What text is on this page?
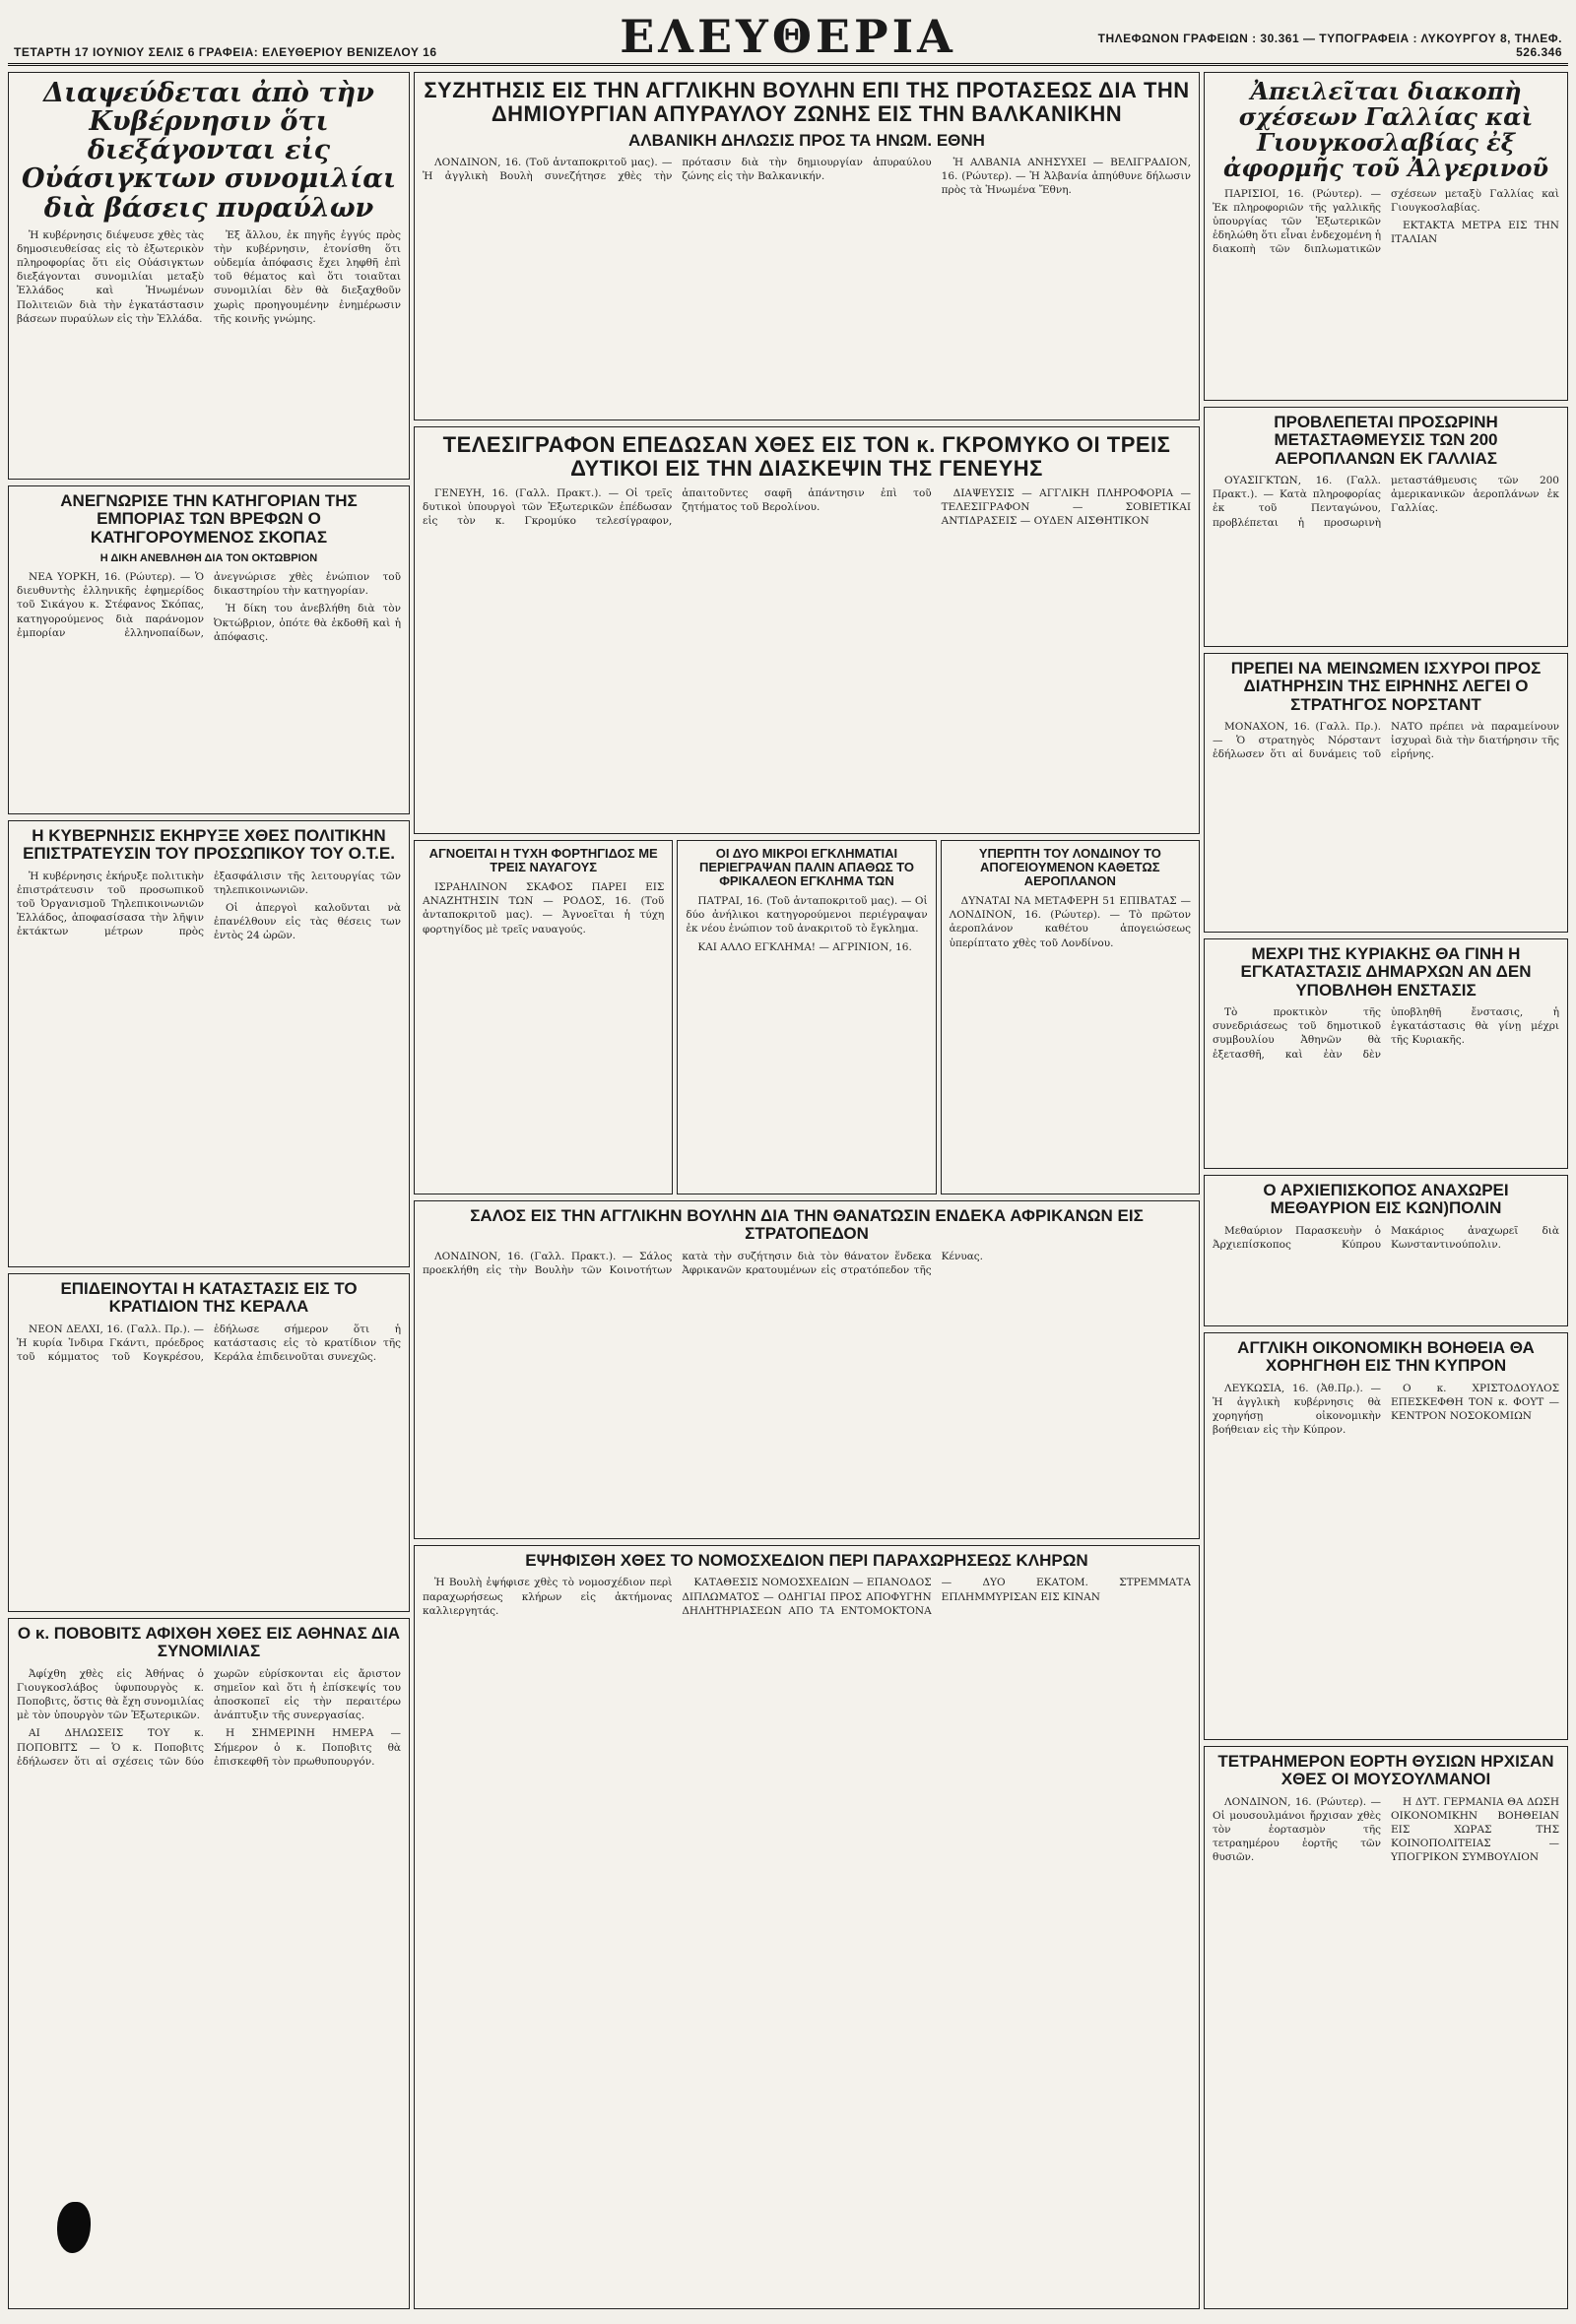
ΤΕΤΑΡΤΗ 17 ΙΟΥΝΙΟΥ ΣΕΛΙΣ 6 ΓΡΑΦΕΙΑ: ΕΛΕΥΘΕΡΙΟΥ ΒΕΝΙΖΕΛΟΥ 16	ΕΛΕΥΘΕΡΙΑ	ΤΗΛΕΦΩΝΟΝ ΓΡΑΦΕΙΩΝ : 30.361 — ΤΥΠΟΓΡΑΦΕΙΑ : ΛΥΚΟΥΡΓΟΥ 8, ΤΗΛΕΦ. 526.346
Διαψεύδεται ἀπὸ τὴν Κυβέρνησιν ὅτι διεξάγονται εἰς Οὐάσιγκτων συνομιλίαι διὰ βάσεις πυραύλων

Ἡ κυβέρνησις διέψευσε χθὲς τὰς δημοσιευθείσας εἰς τὸ ἐξωτερικὸν πληροφορίας ὅτι εἰς Οὐάσιγκτων διεξάγονται συνομιλίαι μεταξὺ Ἑλλάδος καὶ Ἡνωμένων Πολιτειῶν διὰ τὴν ἐγκατάστασιν βάσεων πυραύλων εἰς τὴν Ἑλλάδα.

Ἐξ ἄλλου, ἐκ πηγῆς ἐγγύς πρὸς τὴν κυβέρνησιν, ἐτονίσθη ὅτι οὐδεμία ἀπόφασις ἔχει ληφθῆ ἐπὶ τοῦ θέματος καὶ ὅτι τοιαῦται συνομιλίαι δὲν θὰ διεξαχθοῦν χωρὶς προηγουμένην ἐνημέρωσιν τῆς κοινῆς γνώμης.

ΑΝΕΓΝΩΡΙΣΕ ΤΗΝ ΚΑΤΗΓΟΡΙΑΝ ΤΗΣ ΕΜΠΟΡΙΑΣ ΤΩΝ ΒΡΕΦΩΝ Ο ΚΑΤΗΓΟΡΟΥΜΕΝΟΣ ΣΚΟΠΑΣ
Η ΔΙΚΗ ΑΝΕΒΛΗΘΗ ΔΙΑ ΤΟΝ ΟΚΤΩΒΡΙΟΝ

ΝΕΑ ΥΟΡΚΗ, 16. (Ρώυτερ). — Ὁ διευθυντὴς ἑλληνικῆς ἐφημερίδος τοῦ Σικάγου κ. Στέφανος Σκόπας, κατηγορούμενος διὰ παράνομον ἐμπορίαν ἑλληνοπαίδων, ἀνεγνώρισε χθὲς ἐνώπιον τοῦ δικαστηρίου τὴν κατηγορίαν.

Ἡ δίκη του ἀνεβλήθη διὰ τὸν Ὀκτώβριον, ὁπότε θὰ ἐκδοθῆ καὶ ἡ ἀπόφασις.

Η ΚΥΒΕΡΝΗΣΙΣ ΕΚΗΡΥΞΕ ΧΘΕΣ ΠΟΛΙΤΙΚΗΝ ΕΠΙΣΤΡΑΤΕΥΣΙΝ ΤΟΥ ΠΡΟΣΩΠΙΚΟΥ ΤΟΥ Ο.Τ.Ε.

Ἡ κυβέρνησις ἐκήρυξε πολιτικὴν ἐπιστράτευσιν τοῦ προσωπικοῦ τοῦ Ὀργανισμοῦ Τηλεπικοινωνιῶν Ἑλλάδος, ἀποφασίσασα τὴν λῆψιν ἐκτάκτων μέτρων πρὸς ἐξασφάλισιν τῆς λειτουργίας τῶν τηλεπικοινωνιῶν.

Οἱ ἀπεργοὶ καλοῦνται νὰ ἐπανέλθουν εἰς τὰς θέσεις των ἐντὸς 24 ὡρῶν.

ΕΠΙΔΕΙΝΟΥΤΑΙ Η ΚΑΤΑΣΤΑΣΙΣ ΕΙΣ ΤΟ ΚΡΑΤΙΔΙΟΝ ΤΗΣ ΚΕΡΑΛΑ

ΝΕΟΝ ΔΕΛΧΙ, 16. (Γαλλ. Πρ.). — Ἡ κυρία Ἰνδιρα Γκάντι, πρόεδρος τοῦ κόμματος τοῦ Κογκρέσου, ἐδήλωσε σήμερον ὅτι ἡ κατάστασις εἰς τὸ κρατίδιον τῆς Κεράλα ἐπιδεινοῦται συνεχῶς.

Ο κ. ΠΟΒΟΒΙΤΣ ΑΦΙΧΘΗ ΧΘΕΣ ΕΙΣ ΑΘΗΝΑΣ ΔΙΑ ΣΥΝΟΜΙΛΙΑΣ

Ἀφίχθη χθὲς εἰς Ἀθήνας ὁ Γιουγκοσλάβος ὑφυπουργὸς κ. Ποποβιτς, ὅστις θὰ ἔχη συνομιλίας μὲ τὸν ὑπουργὸν τῶν Ἐξωτερικῶν.

ΑΙ ΔΗΛΩΣΕΙΣ ΤΟΥ κ. ΠΟΠΟΒΙΤΣ — Ὁ κ. Ποποβιτς ἐδήλωσεν ὅτι αἱ σχέσεις τῶν δύο χωρῶν εὑρίσκονται εἰς ἄριστον σημεῖον καὶ ὅτι ἡ ἐπίσκεψίς του ἀποσκοπεῖ εἰς τὴν περαιτέρω ἀνάπτυξιν τῆς συνεργασίας.

Η ΣΗΜΕΡΙΝΗ ΗΜΕΡΑ — Σήμερον ὁ κ. Ποποβιτς θὰ ἐπισκεφθῆ τὸν πρωθυπουργόν.

ΣΥΖΗΤΗΣΙΣ ΕΙΣ ΤΗΝ ΑΓΓΛΙΚΗΝ ΒΟΥΛΗΝ ΕΠΙ ΤΗΣ ΠΡΟΤΑΣΕΩΣ ΔΙΑ ΤΗΝ ΔΗΜΙΟΥΡΓΙΑΝ ΑΠΥΡΑΥΛΟΥ ΖΩΝΗΣ ΕΙΣ ΤΗΝ ΒΑΛΚΑΝΙΚΗΝ
ΑΛΒΑΝΙΚΗ ΔΗΛΩΣΙΣ ΠΡΟΣ ΤΑ ΗΝΩΜ. ΕΘΝΗ

ΛΟΝΔΙΝΟΝ, 16. (Τοῦ ἀνταποκριτοῦ μας). — Ἡ ἀγγλικὴ Βουλὴ συνεζήτησε χθὲς τὴν πρότασιν διὰ τὴν δημιουργίαν ἀπυραύλου ζώνης εἰς τὴν Βαλκανικήν.

Ἡ ΑΛΒΑΝΙΑ ΑΝΗΣΥΧΕΙ — ΒΕΛΙΓΡΑΔΙΟΝ, 16. (Ρώυτερ). — Ἡ Ἀλβανία ἀπηύθυνε δήλωσιν πρὸς τὰ Ἡνωμένα Ἔθνη.

ΤΕΛΕΣΙΓΡΑΦΟΝ ΕΠΕΔΩΣΑΝ ΧΘΕΣ ΕΙΣ ΤΟΝ κ. ΓΚΡΟΜΥΚΟ ΟΙ ΤΡΕΙΣ ΔΥΤΙΚΟΙ ΕΙΣ ΤΗΝ ΔΙΑΣΚΕΨΙΝ ΤΗΣ ΓΕΝΕΥΗΣ

ΓΕΝΕΥΗ, 16. (Γαλλ. Πρακτ.). — Οἱ τρεῖς δυτικοὶ ὑπουργοὶ τῶν Ἐξωτερικῶν ἐπέδωσαν εἰς τὸν κ. Γκρομύκο τελεσίγραφον, ἀπαιτοῦντες σαφῆ ἀπάντησιν ἐπὶ τοῦ ζητήματος τοῦ Βερολίνου.

ΔΙΑΨΕΥΣΙΣ — ΑΓΓΛΙΚΗ ΠΛΗΡΟΦΟΡΙΑ — ΤΕΛΕΣΙΓΡΑΦΟΝ — ΣΟΒΙΕΤΙΚΑΙ ΑΝΤΙΔΡΑΣΕΙΣ — ΟΥΔΕΝ ΑΙΣΘΗΤΙΚΟΝ

ΑΓΝΟΕΙΤΑΙ Η ΤΥΧΗ ΦΟΡΤΗΓΙΔΟΣ ΜΕ ΤΡΕΙΣ ΝΑΥΑΓΟΥΣ

ΙΣΡΑΗΛΙΝΟΝ ΣΚΑΦΟΣ ΠΑΡΕΙ ΕΙΣ ΑΝΑΖΗΤΗΣΙΝ ΤΩΝ — ΡΟΔΟΣ, 16. (Τοῦ ἀνταποκριτοῦ μας). — Ἀγνοεῖται ἡ τύχη φορτηγίδος μὲ τρεῖς ναυαγούς.

ΟΙ ΔΥΟ ΜΙΚΡΟΙ ΕΓΚΛΗΜΑΤΙΑΙ ΠΕΡΙΕΓΡΑΨΑΝ ΠΑΛΙΝ ΑΠΑΘΩΣ ΤΟ ΦΡΙΚΑΛΕΟΝ ΕΓΚΛΗΜΑ ΤΩΝ

ΠΑΤΡΑΙ, 16. (Τοῦ ἀνταποκριτοῦ μας). — Οἱ δύο ἀνήλικοι κατηγορούμενοι περιέγραψαν ἐκ νέου ἐνώπιον τοῦ ἀνακριτοῦ τὸ ἔγκλημα.

ΚΑΙ ΑΛΛΟ ΕΓΚΛΗΜΑ! — ΑΓΡΙΝΙΟΝ, 16.

ΥΠΕΡΠΤΗ ΤΟΥ ΛΟΝΔΙΝΟΥ ΤΟ ΑΠΟΓΕΙΟΥΜΕΝΟΝ ΚΑΘΕΤΩΣ ΑΕΡΟΠΛΑΝΟΝ

ΔΥΝΑΤΑΙ ΝΑ ΜΕΤΑΦΕΡΗ 51 ΕΠΙΒΑΤΑΣ — ΛΟΝΔΙΝΟΝ, 16. (Ρώυτερ). — Τὸ πρῶτον ἀεροπλάνον καθέτου ἀπογειώσεως ὑπερίπτατο χθὲς τοῦ Λονδίνου.

ΣΑΛΟΣ ΕΙΣ ΤΗΝ ΑΓΓΛΙΚΗΝ ΒΟΥΛΗΝ ΔΙΑ ΤΗΝ ΘΑΝΑΤΩΣΙΝ ΕΝΔΕΚΑ ΑΦΡΙΚΑΝΩΝ ΕΙΣ ΣΤΡΑΤΟΠΕΔΟΝ

ΛΟΝΔΙΝΟΝ, 16. (Γαλλ. Πρακτ.). — Σάλος προεκλήθη εἰς τὴν Βουλὴν τῶν Κοινοτήτων κατὰ τὴν συζήτησιν διὰ τὸν θάνατον ἕνδεκα Ἀφρικανῶν κρατουμένων εἰς στρατόπεδον τῆς Κένυας.

ΕΨΗΦΙΣΘΗ ΧΘΕΣ ΤΟ ΝΟΜΟΣΧΕΔΙΟΝ ΠΕΡΙ ΠΑΡΑΧΩΡΗΣΕΩΣ ΚΛΗΡΩΝ

Ἡ Βουλὴ ἐψήφισε χθὲς τὸ νομοσχέδιον περὶ παραχωρήσεως κλήρων εἰς ἀκτήμονας καλλιεργητάς.

ΚΑΤΑΘΕΣΙΣ ΝΟΜΟΣΧΕΔΙΩΝ — ΕΠΑΝΟΔΟΣ ΔΙΠΛΩΜΑΤΟΣ — ΟΔΗΓΙΑΙ ΠΡΟΣ ΑΠΟΦΥΓΗΝ ΔΗΛΗΤΗΡΙΑΣΕΩΝ ΑΠΟ ΤΑ ΕΝΤΟΜΟΚΤΟΝΑ — ΔΥΟ ΕΚΑΤΟΜ. ΣΤΡΕΜΜΑΤΑ ΕΠΛΗΜΜΥΡΙΣΑΝ ΕΙΣ ΚΙΝΑΝ

Ἀπειλεῖται διακοπὴ σχέσεων Γαλλίας καὶ Γιουγκοσλαβίας ἐξ ἀφορμῆς τοῦ Ἀλγερινοῦ

ΠΑΡΙΣΙΟΙ, 16. (Ρώυτερ). — Ἐκ πληροφοριῶν τῆς γαλλικῆς ὑπουργίας τῶν Ἐξωτερικῶν ἐδηλώθη ὅτι εἶναι ἐνδεχομένη ἡ διακοπὴ τῶν διπλωματικῶν σχέσεων μεταξὺ Γαλλίας καὶ Γιουγκοσλαβίας.

ΕΚΤΑΚΤΑ ΜΕΤΡΑ ΕΙΣ ΤΗΝ ΙΤΑΛΙΑΝ

ΠΡΟΒΛΕΠΕΤΑΙ ΠΡΟΣΩΡΙΝΗ ΜΕΤΑΣΤΑΘΜΕΥΣΙΣ ΤΩΝ 200 ΑΕΡΟΠΛΑΝΩΝ ΕΚ ΓΑΛΛΙΑΣ

ΟΥΑΣΙΓΚΤΩΝ, 16. (Γαλλ. Πρακτ.). — Κατὰ πληροφορίας ἐκ τοῦ Πενταγώνου, προβλέπεται ἡ προσωρινὴ μεταστάθμευσις τῶν 200 ἀμερικανικῶν ἀεροπλάνων ἐκ Γαλλίας.

ΠΡΕΠΕΙ ΝΑ ΜΕΙΝΩΜΕΝ ΙΣΧΥΡΟΙ ΠΡΟΣ ΔΙΑΤΗΡΗΣΙΝ ΤΗΣ ΕΙΡΗΝΗΣ ΛΕΓΕΙ Ο ΣΤΡΑΤΗΓΟΣ ΝΟΡΣΤΑΝΤ

ΜΟΝΑΧΟΝ, 16. (Γαλλ. Πρ.). — Ὁ στρατηγὸς Νόρσταντ ἐδήλωσεν ὅτι αἱ δυνάμεις τοῦ ΝΑΤΟ πρέπει νὰ παραμείνουν ἰσχυραὶ διὰ τὴν διατήρησιν τῆς εἰρήνης.

ΜΕΧΡΙ ΤΗΣ ΚΥΡΙΑΚΗΣ ΘΑ ΓΙΝΗ Η ΕΓΚΑΤΑΣΤΑΣΙΣ ΔΗΜΑΡΧΩΝ ΑΝ ΔΕΝ ΥΠΟΒΛΗΘΗ ΕΝΣΤΑΣΙΣ

Τὸ προκτικὸν τῆς συνεδριάσεως τοῦ δημοτικοῦ συμβουλίου Ἀθηνῶν θὰ ἐξετασθῆ, καὶ ἐὰν δὲν ὑποβληθῆ ἔνστασις, ἡ ἐγκατάστασις θὰ γίνῃ μέχρι τῆς Κυριακῆς.

Ο ΑΡΧΙΕΠΙΣΚΟΠΟΣ ΑΝΑΧΩΡΕΙ ΜΕΘΑΥΡΙΟΝ ΕΙΣ ΚΩΝ)ΠΟΛΙΝ

Μεθαύριον Παρασκευὴν ὁ Ἀρχιεπίσκοπος Κύπρου Μακάριος ἀναχωρεῖ διὰ Κωνσταντινούπολιν.

ΑΓΓΛΙΚΗ ΟΙΚΟΝΟΜΙΚΗ ΒΟΗΘΕΙΑ ΘΑ ΧΟΡΗΓΗΘΗ ΕΙΣ ΤΗΝ ΚΥΠΡΟΝ

ΛΕΥΚΩΣΙΑ, 16. (Ἀθ.Πρ.). — Ἡ ἀγγλικὴ κυβέρνησις θὰ χορηγήσῃ οἰκονομικὴν βοήθειαν εἰς τὴν Κύπρον.

Ο κ. ΧΡΙΣΤΟΔΟΥΛΟΣ ΕΠΕΣΚΕΦΘΗ ΤΟΝ κ. ΦΟΥΤ — ΚΕΝΤΡΟΝ ΝΟΣΟΚΟΜΙΩΝ

ΤΕΤΡΑΗΜΕΡΟΝ ΕΟΡΤΗ ΘΥΣΙΩΝ ΗΡΧΙΣΑΝ ΧΘΕΣ ΟΙ ΜΟΥΣΟΥΛΜΑΝΟΙ

ΛΟΝΔΙΝΟΝ, 16. (Ρώυτερ). — Οἱ μουσουλμάνοι ἤρχισαν χθὲς τὸν ἑορτασμὸν τῆς τετραημέρου ἑορτῆς τῶν θυσιῶν.

Η ΔΥΤ. ΓΕΡΜΑΝΙΑ ΘΑ ΔΩΣΗ ΟΙΚΟΝΟΜΙΚΗΝ ΒΟΗΘΕΙΑΝ ΕΙΣ ΧΩΡΑΣ ΤΗΣ ΚΟΙΝΟΠΟΛΙΤΕΙΑΣ — ΥΠΟΓΡΙΚΟΝ ΣΥΜΒΟΥΛΙΟΝ
